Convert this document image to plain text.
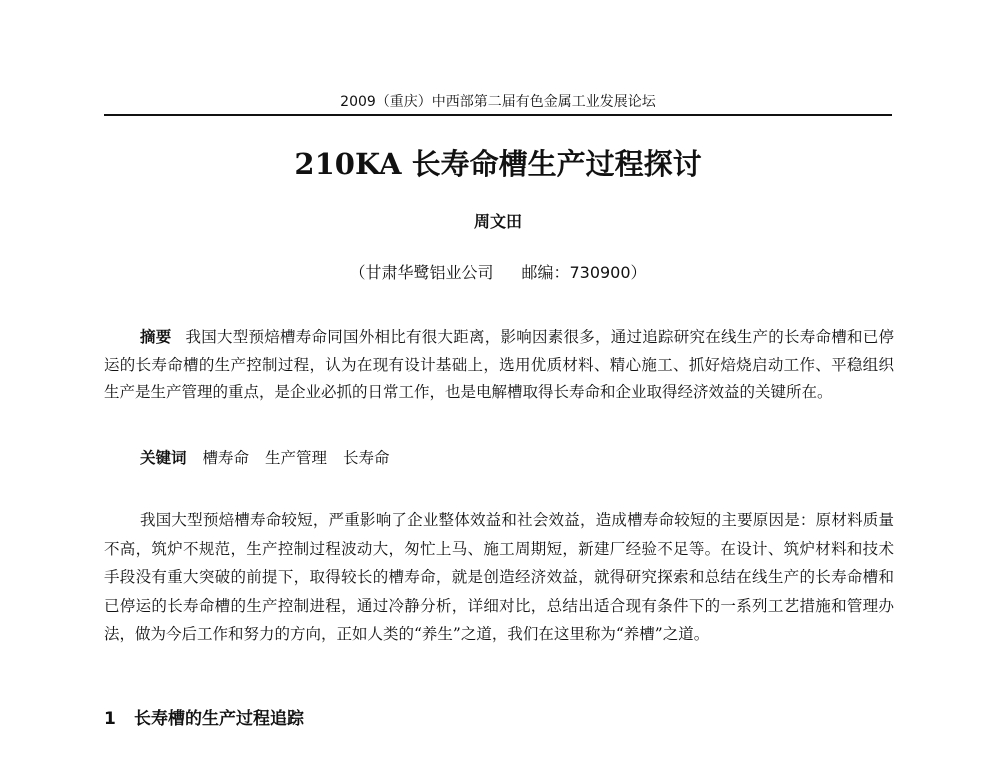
2009（重庆）中西部第二届有色金属工业发展论坛
210KA 长寿命槽生产过程探讨
周文田
（甘肃华鹭铝业公司 邮编：730900）

摘要 我国大型预焙槽寿命同国外相比有很大距离，影响因素很多，通过追踪研究在线生产的长寿命槽和已停运的长寿命槽的生产控制过程，认为在现有设计基础上，选用优质材料、精心施工、抓好焙烧启动工作、平稳组织生产是生产管理的重点，是企业必抓的日常工作，也是电解槽取得长寿命和企业取得经济效益的关键所在。

关键词 槽寿命 生产管理 长寿命

我国大型预焙槽寿命较短，严重影响了企业整体效益和社会效益，造成槽寿命较短的主要原因是：原材料质量不高，筑炉不规范，生产控制过程波动大，匆忙上马、施工周期短，新建厂经验不足等。在设计、筑炉材料和技术手段没有重大突破的前提下，取得较长的槽寿命，就是创造经济效益，就得研究探索和总结在线生产的长寿命槽和已停运的长寿命槽的生产控制进程，通过冷静分析，详细对比，总结出适合现有条件下的一系列工艺措施和管理办法，做为今后工作和努力的方向，正如人类的“养生”之道，我们在这里称为“养槽”之道。

1 长寿槽的生产过程追踪
